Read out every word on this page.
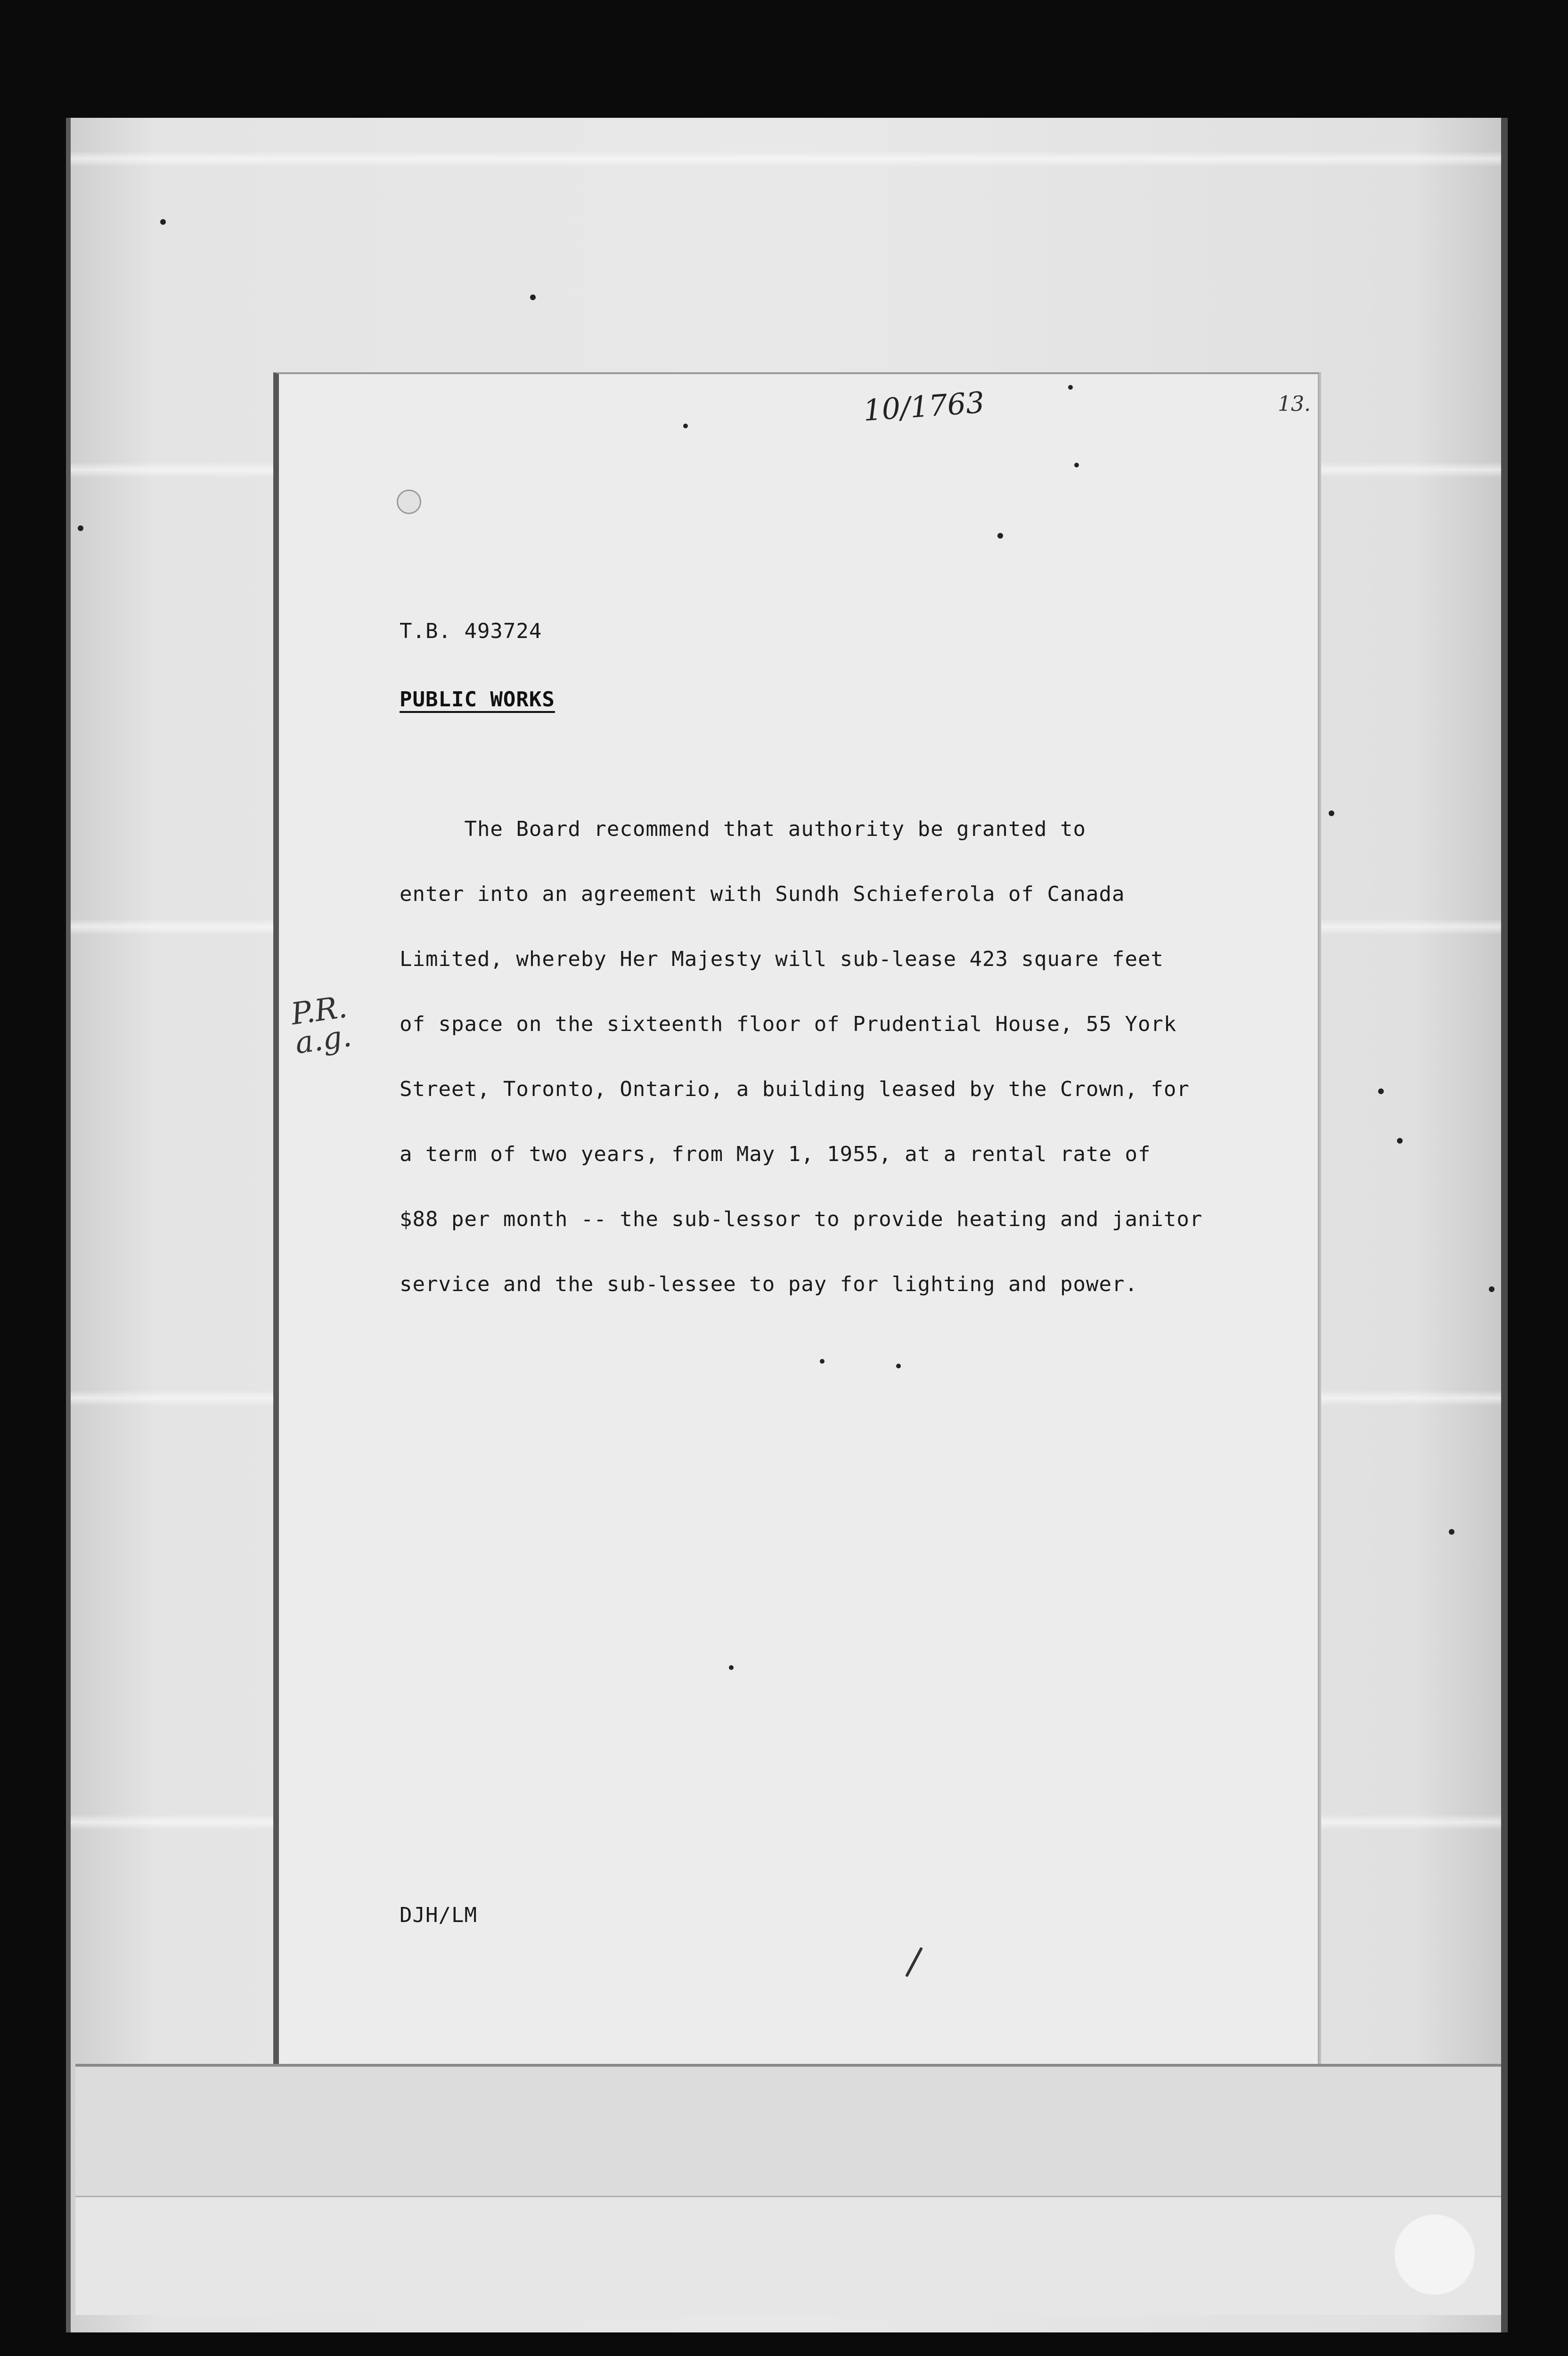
10/1763	13.
T.B. 493724
PUBLIC WORKS
The Board recommend that authority be granted to
enter into an agreement with Sundh Schieferola of Canada
Limited, whereby Her Majesty will sub-lease 423 square feet
of space on the sixteenth floor of Prudential House, 55 York
Street, Toronto, Ontario, a building leased by the Crown, for
a term of two years, from May 1, 1955, at a rental rate of
$88 per month -- the sub-lessor to provide heating and janitor
service and the sub-lessee to pay for lighting and power.
P.R.
a.g.
DJH/LM
